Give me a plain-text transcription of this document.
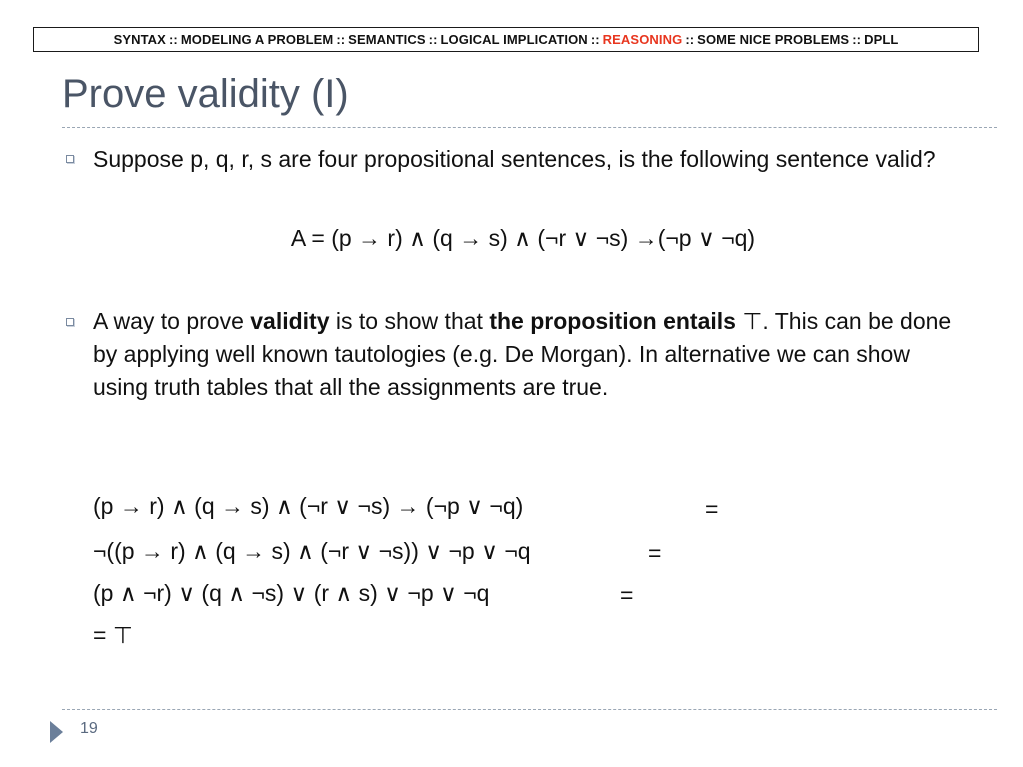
SYNTAX :: MODELING A PROBLEM :: SEMANTICS :: LOGICAL IMPLICATION :: REASONING :: SOME NICE PROBLEMS :: DPLL
Prove validity (I)
Suppose p, q, r, s are four propositional sentences, is the following sentence valid?
A = (p → r) ∧ (q → s) ∧ (¬r ∨ ¬s) →(¬p ∨ ¬q)
A way to prove validity is to show that the proposition entails ⊤. This can be done by applying well known tautologies (e.g. De Morgan). In alternative we can show using truth tables that all the assignments are true.
(p → r) ∧ (q → s) ∧ (¬r ∨ ¬s) → (¬p ∨ ¬q)	=
¬((p → r) ∧ (q → s) ∧ (¬r ∨ ¬s)) ∨ ¬p ∨ ¬q	=
(p ∧ ¬r) ∨ (q ∧ ¬s) ∨ (r ∧ s) ∨ ¬p ∨ ¬q	=
= ⊤
19
